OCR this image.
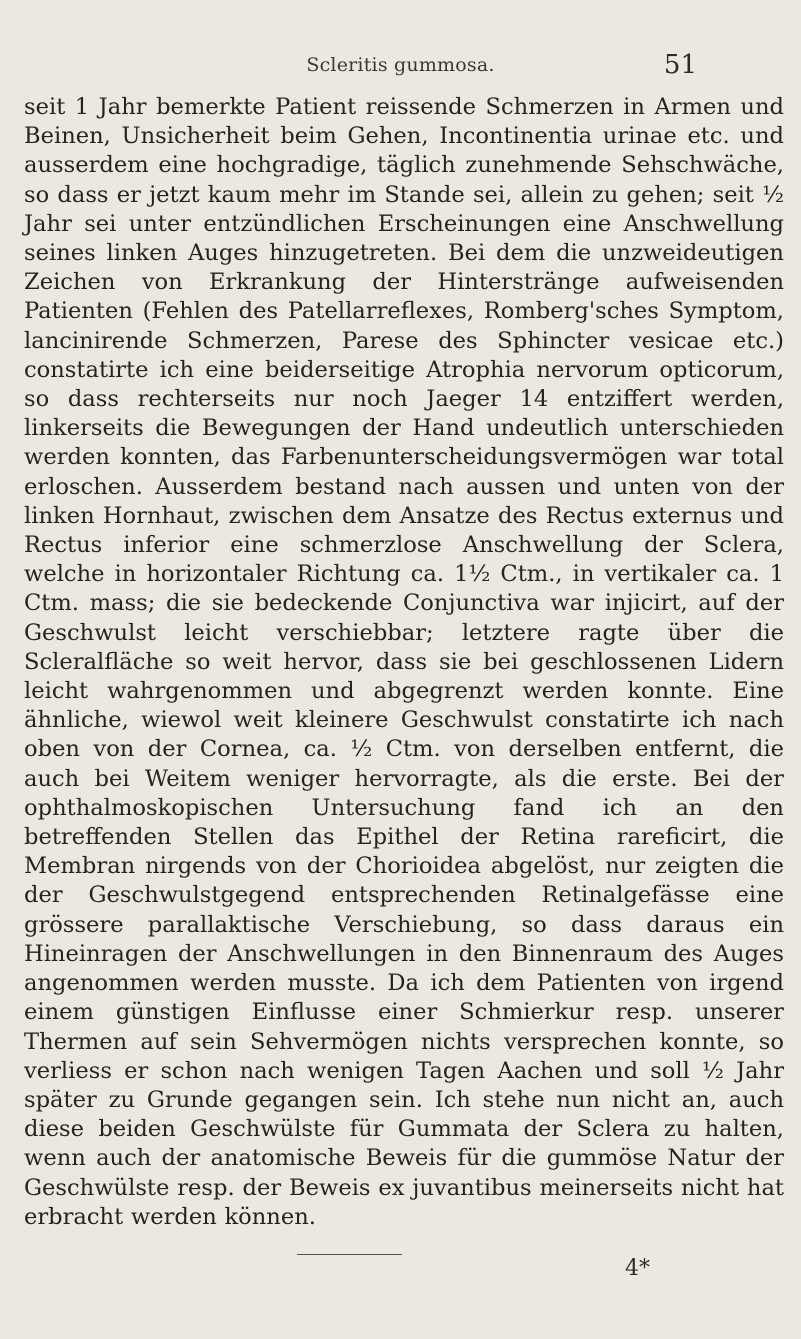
Scleritis gummosa.	51

seit 1 Jahr bemerkte Patient reissende Schmerzen in Armen und Beinen, Unsicherheit beim Gehen, Incontinentia urinae etc. und ausserdem eine hochgradige, täglich zunehmende Sehschwäche, so dass er jetzt kaum mehr im Stande sei, allein zu gehen; seit ½ Jahr sei unter entzündlichen Erscheinungen eine Anschwellung seines linken Auges hinzugetreten. Bei dem die unzweideutigen Zeichen von Erkrankung der Hinterstränge aufweisenden Patienten (Fehlen des Patellarreflexes, Romberg'sches Symptom, lancinirende Schmerzen, Parese des Sphincter vesicae etc.) constatirte ich eine beiderseitige Atrophia nervorum opticorum, so dass rechterseits nur noch Jaeger 14 entziffert werden, linkerseits die Bewegungen der Hand undeutlich unterschieden werden konnten, das Farbenunterscheidungsvermögen war total erloschen. Ausserdem bestand nach aussen und unten von der linken Hornhaut, zwischen dem Ansatze des Rectus externus und Rectus inferior eine schmerzlose Anschwellung der Sclera, welche in horizontaler Richtung ca. 1½ Ctm., in vertikaler ca. 1 Ctm. mass; die sie bedeckende Conjunctiva war injicirt, auf der Geschwulst leicht verschiebbar; letztere ragte über die Scleralfläche so weit hervor, dass sie bei geschlossenen Lidern leicht wahrgenommen und abgegrenzt werden konnte. Eine ähnliche, wiewol weit kleinere Geschwulst constatirte ich nach oben von der Cornea, ca. ½ Ctm. von derselben entfernt, die auch bei Weitem weniger hervorragte, als die erste. Bei der ophthalmoskopischen Untersuchung fand ich an den betreffenden Stellen das Epithel der Retina rareficirt, die Membran nirgends von der Chorioidea abgelöst, nur zeigten die der Geschwulstgegend entsprechenden Retinalgefässe eine grössere parallaktische Verschiebung, so dass daraus ein Hineinragen der Anschwellungen in den Binnenraum des Auges angenommen werden musste. Da ich dem Patienten von irgend einem günstigen Einflusse einer Schmierkur resp. unserer Thermen auf sein Sehvermögen nichts versprechen konnte, so verliess er schon nach wenigen Tagen Aachen und soll ½ Jahr später zu Grunde gegangen sein. Ich stehe nun nicht an, auch diese beiden Geschwülste für Gummata der Sclera zu halten, wenn auch der anatomische Beweis für die gummöse Natur der Geschwülste resp. der Beweis ex juvantibus meinerseits nicht hat erbracht werden können.

4*
